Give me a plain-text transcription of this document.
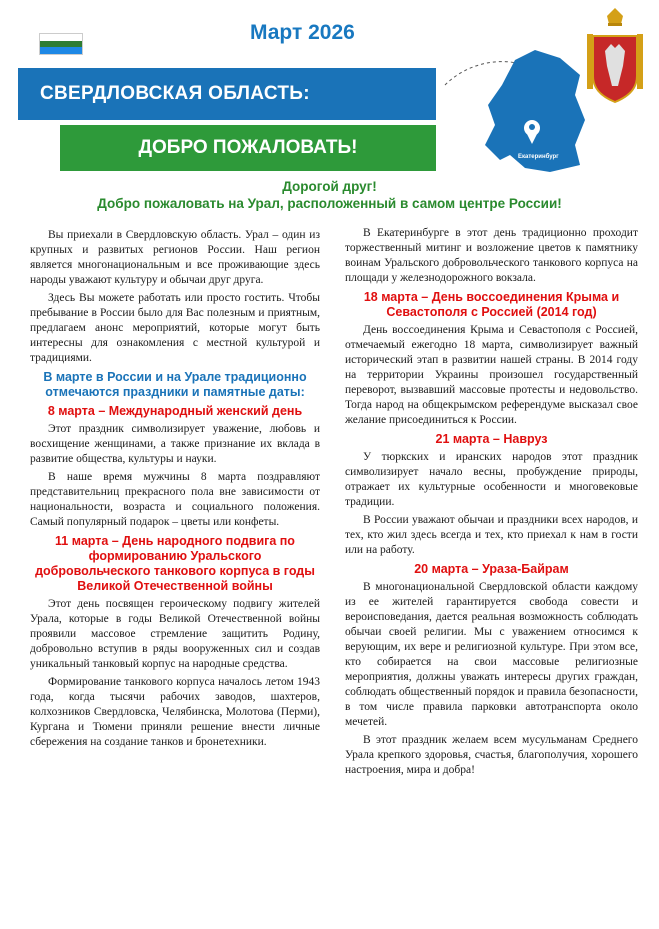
Март 2026
СВЕРДЛОВСКАЯ ОБЛАСТЬ:
ДОБРО ПОЖАЛОВАТЬ!	Екатеринбург
Дорогой друг!
Добро пожаловать на Урал, расположенный в самом центре России!

Вы приехали в Свердловскую область. Урал – один из крупных и развитых регионов России. Наш регион является многонациональным и все проживающие здесь народы уважают культуру и обычаи друг друга.

Здесь Вы можете работать или просто гостить. Чтобы пребывание в России было для Вас полезным и приятным, предлагаем анонс мероприятий, которые могут быть интересны для ознакомления с местной культурой и традициями.

В марте в России и на Урале традиционно отмечаются праздники и памятные даты:
8 марта – Международный женский день

Этот праздник символизирует уважение, любовь и восхищение женщинами, а также признание их вклада в развитие общества, культуры и науки.

В наше время мужчины 8 марта поздравляют представительниц прекрасного пола вне зависимости от национальности, возраста и социального положения. Самый популярный подарок – цветы или конфеты.

11 марта – День народного подвига по формированию Уральского добровольческого танкового корпуса в годы Великой Отечественной войны

Этот день посвящен героическому подвигу жителей Урала, которые в годы Великой Отечественной войны проявили массовое стремление защитить Родину, добровольно вступив в ряды вооруженных сил и создав уникальный танковый корпус на народные средства.

Формирование танкового корпуса началось летом 1943 года, когда тысячи рабочих заводов, шахтеров, колхозников Свердловска, Челябинска, Молотова (Перми), Кургана и Тюмени приняли решение внести личные сбережения на создание танков и бронетехники.

В Екатеринбурге в этот день традиционно проходит торжественный митинг и возложение цветов к памятнику воинам Уральского добровольческого танкового корпуса на площади у железнодорожного вокзала.

18 марта – День воссоединения Крыма и Севастополя с Россией (2014 год)

День воссоединения Крыма и Севастополя с Россией, отмечаемый ежегодно 18 марта, символизирует важный исторический этап в развитии нашей страны. В 2014 году на территории Украины произошел государственный переворот, вызвавший массовые протесты и недовольство. Тогда народ на общекрымском референдуме высказал свое желание присоединиться к России.

21 марта – Навруз

У тюркских и иранских народов этот праздник символизирует начало весны, пробуждение природы, отражает их культурные особенности и многовековые традиции.

В России уважают обычаи и праздники всех народов, и тех, кто жил здесь всегда и тех, кто приехал к нам в гости или на работу.

20 марта – Ураза-Байрам

В многонациональной Свердловской области каждому из ее жителей гарантируется свобода совести и вероисповедания, дается реальная возможность соблюдать обычаи своей религии. Мы с уважением относимся к верующим, их вере и религиозной культуре. При этом все, кто собирается на свои массовые религиозные мероприятия, должны уважать интересы других граждан, соблюдать общественный порядок и правила безопасности, в том числе правила парковки автотранспорта около мечетей.

В этот праздник желаем всем мусульманам Среднего Урала крепкого здоровья, счастья, благополучия, хорошего настроения, мира и добра!
